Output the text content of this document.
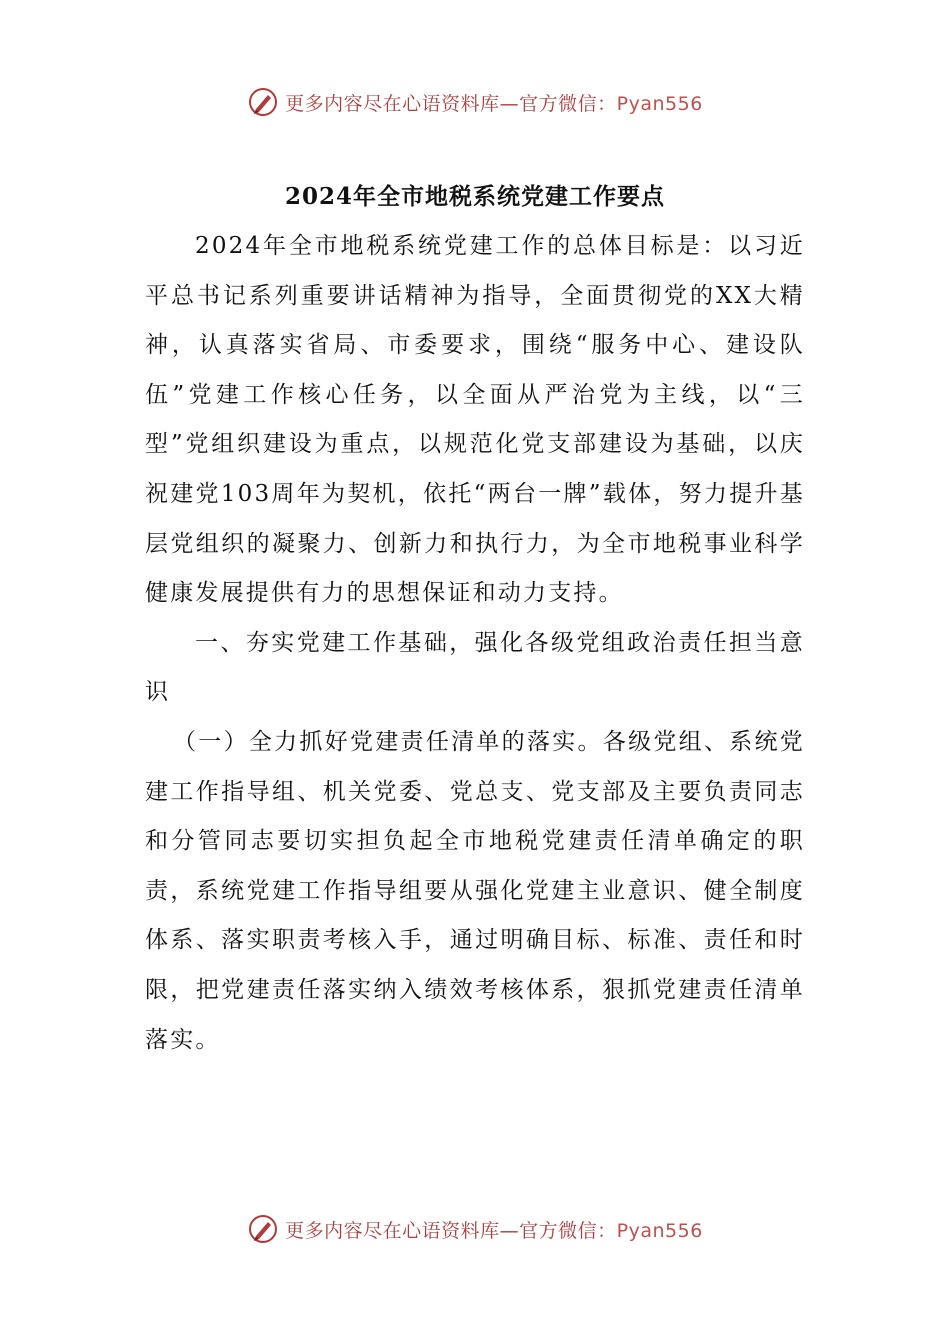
更多内容尽在心语资料库—官方微信：Pyan556
2024年全市地税系统党建工作要点

2024年全市地税系统党建工作的总体目标是：以习近平总书记系列重要讲话精神为指导，全面贯彻党的XX大精神，认真落实省局、市委要求，围绕“服务中心、建设队伍”党建工作核心任务，以全面从严治党为主线，以“三型”党组织建设为重点，以规范化党支部建设为基础，以庆祝建党103周年为契机，依托“两台一牌”载体，努力提升基层党组织的凝聚力、创新力和执行力，为全市地税事业科学健康发展提供有力的思想保证和动力支持。

一、夯实党建工作基础，强化各级党组政治责任担当意识

（一）全力抓好党建责任清单的落实。各级党组、系统党建工作指导组、机关党委、党总支、党支部及主要负责同志和分管同志要切实担负起全市地税党建责任清单确定的职责，系统党建工作指导组要从强化党建主业意识、健全制度体系、落实职责考核入手，通过明确目标、标准、责任和时限，把党建责任落实纳入绩效考核体系，狠抓党建责任清单落实。

更多内容尽在心语资料库—官方微信：Pyan556
